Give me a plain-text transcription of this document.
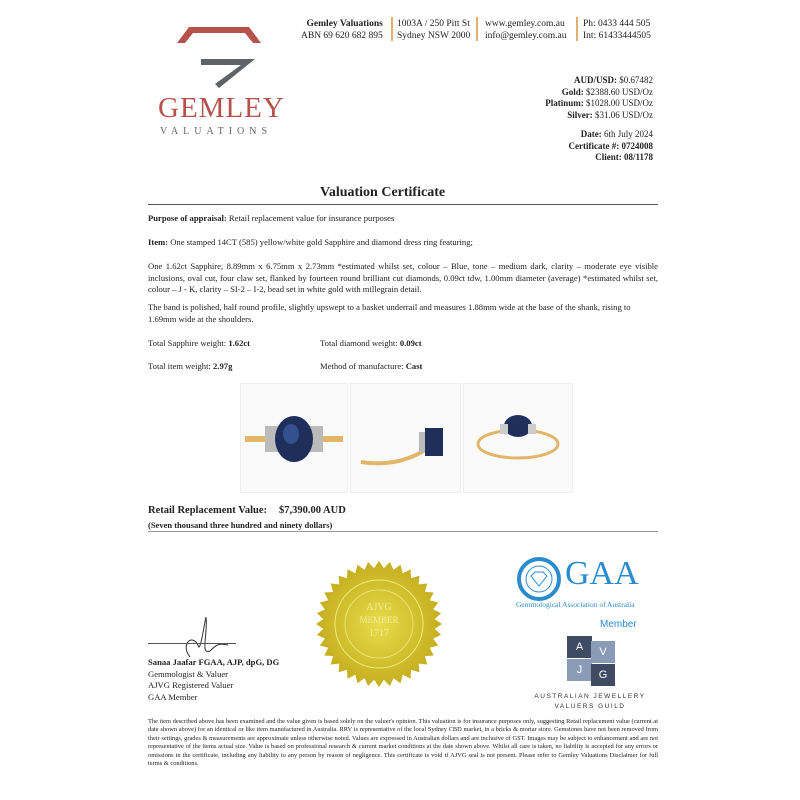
GEMLEY
VALUATIONS
Gemley Valuations
ABN 69 620 682 895
1003A / 250 Pitt St
Sydney NSW 2000
www.gemley.com.au
info@gemley.com.au
Ph: 0433 444 505
Int: 61433444505
AUD/USD: $0.67482
Gold: $2388.60 USD/Oz
Platinum: $1028.00 USD/Oz
Silver: $31.06 USD/Oz
Date: 6th July 2024
Certificate #: 0724008
Client: 08/1178
Valuation Certificate
Purpose of appraisal: Retail replacement value for insurance purposes
Item: One stamped 14CT (585) yellow/white gold Sapphire and diamond dress ring featuring;
One 1.62ct Sapphire, 8.89mm x 6.75mm x 2.73mm *estimated whilst set, colour – Blue, tone – medium dark, clarity – moderate eye visible inclusions, oval cut, four claw set, flanked by fourteen round brilliant cut diamonds, 0.09ct tdw, 1.00mm diameter (average) *estimated whilst set, colour – J - K, clarity – SI-2 – I-2, bead set in white gold with millegrain detail.
The band is polished, half round profile, slightly upswept to a basket underrail and measures 1.88mm wide at the base of the shank, rising to 1.69mm wide at the shoulders.
Total Sapphire weight: 1.62ct	Total diamond weight: 0.09ct
Total item weight: 2.97g	Method of manufacture: Cast
Retail Replacement Value: $7,390.00 AUD
(Seven thousand three hundred and ninety dollars)
Sanaa Jaafar FGAA, AJP, dpG, DG
Gemmologist & Valuer
AJVG Registered Valuer
GAA Member
AJVG
MEMBER
1717
GAA
Gemmological Association of Australia
Member
A	V
J	G
AUSTRALIAN JEWELLERY
VALUERS GUILD
The item described above has been examined and the value given is based solely on the valuer's opinion. This valuation is for insurance purposes only, suggesting Retail replacement value (current at date shown above) for an identical or like item manufactured in Australia. RRV is representative of the local Sydney CBD market, in a bricks & mortar store. Gemstones have not been removed from their settings, grades & measurements are approximate unless otherwise noted. Values are expressed in Australian dollars and are inclusive of GST. Images may be subject to enhancement and are not representative of the items actual size. Value is based on professional research & current market conditions at the date shown above. Whilst all care is taken, no liability is accepted for any errors or omissions in the certificate, including any liability to any person by reason of negligence. This certificate is void if AJVG seal is not present. Please refer to Gemley Valuations Disclaimer for full terms & conditions.
